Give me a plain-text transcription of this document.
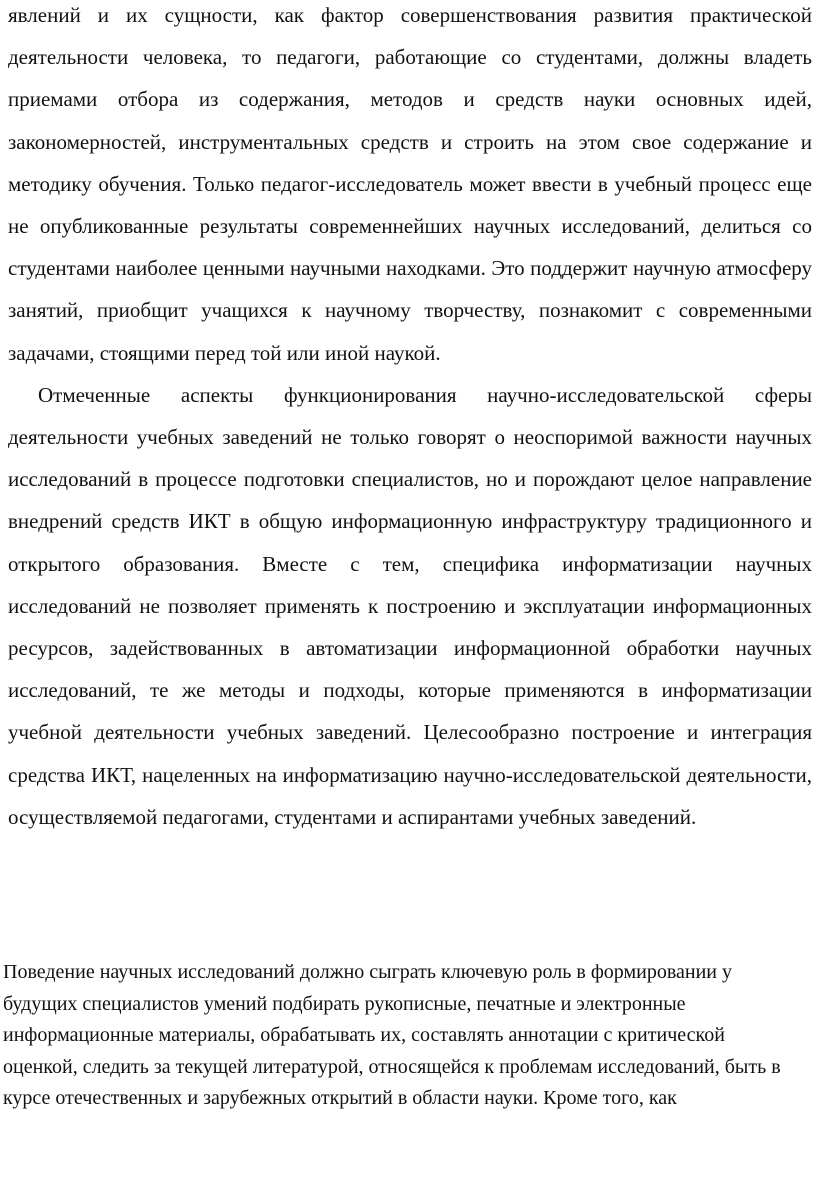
явлений и их сущности, как фактор совершенствования развития практической деятельности человека, то педагоги, работающие со студентами, должны владеть приемами отбора из содержания, методов и средств науки основных идей, закономерностей, инструментальных средств и строить на этом свое содержание и методику обучения. Только педагог-исследователь может ввести в учебный процесс еще не опубликованные результаты современнейших научных исследований, делиться со студентами наиболее ценными научными находками. Это поддержит научную атмосферу занятий, приобщит учащихся к научному творчеству, познакомит с современными задачами, стоящими перед той или иной наукой.

Отмеченные аспекты функционирования научно-исследовательской сферы деятельности учебных заведений не только говорят о неоспоримой важности научных исследований в процессе подготовки специалистов, но и порождают целое направление внедрений средств ИКТ в общую информационную инфраструктуру традиционного и открытого образования. Вместе с тем, специфика информатизации научных исследований не позволяет применять к построению и эксплуатации информационных ресурсов, задействованных в автоматизации информационной обработки научных исследований, те же методы и подходы, которые применяются в информатизации учебной деятельности учебных заведений. Целесообразно построение и интеграция средства ИКТ, нацеленных на информатизацию научно-исследовательской деятельности, осуществляемой педагогами, студентами и аспирантами учебных заведений.

Поведение научных исследований должно сыграть ключевую роль в формировании у будущих специалистов умений подбирать рукописные, печатные и электронные информационные материалы, обрабатывать их, составлять аннотации с критической оценкой, следить за текущей литературой, относящейся к проблемам исследований, быть в курсе отечественных и зарубежных открытий в области науки. Кроме того, как
